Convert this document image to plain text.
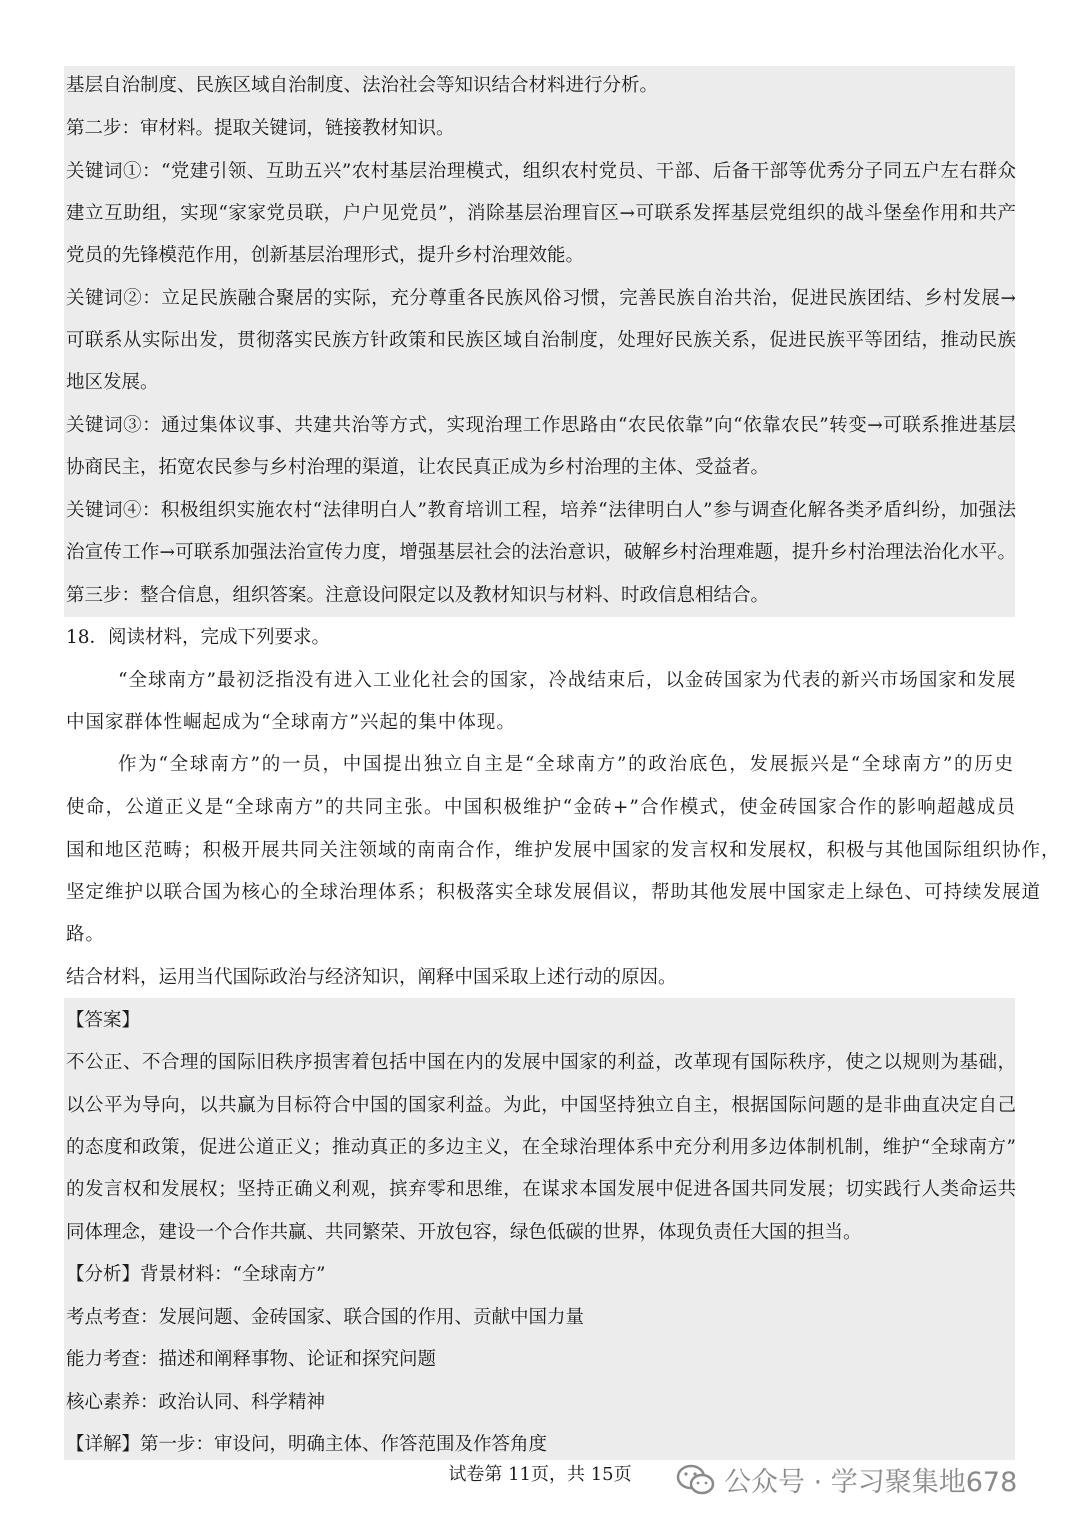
基层自治制度、民族区域自治制度、法治社会等知识结合材料进行分析。
第二步：审材料。提取关键词，链接教材知识。
关键词①：“党建引领、互助五兴”农村基层治理模式，组织农村党员、干部、后备干部等优秀分子同五户左右群众
建立互助组，实现“家家党员联，户户见党员”，消除基层治理盲区→可联系发挥基层党组织的战斗堡垒作用和共产
党员的先锋模范作用，创新基层治理形式，提升乡村治理效能。
关键词②：立足民族融合聚居的实际，充分尊重各民族风俗习惯，完善民族自治共治，促进民族团结、乡村发展→
可联系从实际出发，贯彻落实民族方针政策和民族区域自治制度，处理好民族关系，促进民族平等团结，推动民族
地区发展。
关键词③：通过集体议事、共建共治等方式，实现治理工作思路由“农民依靠”向“依靠农民”转变→可联系推进基层
协商民主，拓宽农民参与乡村治理的渠道，让农民真正成为乡村治理的主体、受益者。
关键词④：积极组织实施农村“法律明白人”教育培训工程，培养“法律明白人”参与调查化解各类矛盾纠纷，加强法
治宣传工作→可联系加强法治宣传力度，增强基层社会的法治意识，破解乡村治理难题，提升乡村治理法治化水平。
第三步：整合信息，组织答案。注意设问限定以及教材知识与材料、时政信息相结合。
18．阅读材料，完成下列要求。
“全球南方”最初泛指没有进入工业化社会的国家，冷战结束后，以金砖国家为代表的新兴市场国家和发展
中国家群体性崛起成为“全球南方”兴起的集中体现。
作为“全球南方”的一员，中国提出独立自主是“全球南方”的政治底色，发展振兴是“全球南方”的历史
使命，公道正义是“全球南方”的共同主张。中国积极维护“金砖+”合作模式，使金砖国家合作的影响超越成员
国和地区范畴；积极开展共同关注领域的南南合作，维护发展中国家的发言权和发展权，积极与其他国际组织协作，
坚定维护以联合国为核心的全球治理体系；积极落实全球发展倡议，帮助其他发展中国家走上绿色、可持续发展道
路。
结合材料，运用当代国际政治与经济知识，阐释中国采取上述行动的原因。
【答案】
不公正、不合理的国际旧秩序损害着包括中国在内的发展中国家的利益，改革现有国际秩序，使之以规则为基础，
以公平为导向，以共赢为目标符合中国的国家利益。为此，中国坚持独立自主，根据国际问题的是非曲直决定自己
的态度和政策，促进公道正义；推动真正的多边主义，在全球治理体系中充分利用多边体制机制，维护“全球南方”
的发言权和发展权；坚持正确义利观，摈弃零和思维，在谋求本国发展中促进各国共同发展；切实践行人类命运共
同体理念，建设一个合作共赢、共同繁荣、开放包容，绿色低碳的世界，体现负责任大国的担当。
【分析】背景材料：“全球南方”
考点考查：发展问题、金砖国家、联合国的作用、贡献中国力量
能力考查：描述和阐释事物、论证和探究问题
核心素养：政治认同、科学精神
【详解】第一步：审设问，明确主体、作答范围及作答角度
试卷第 11页，共 15页	公众号 · 学习聚集地678
